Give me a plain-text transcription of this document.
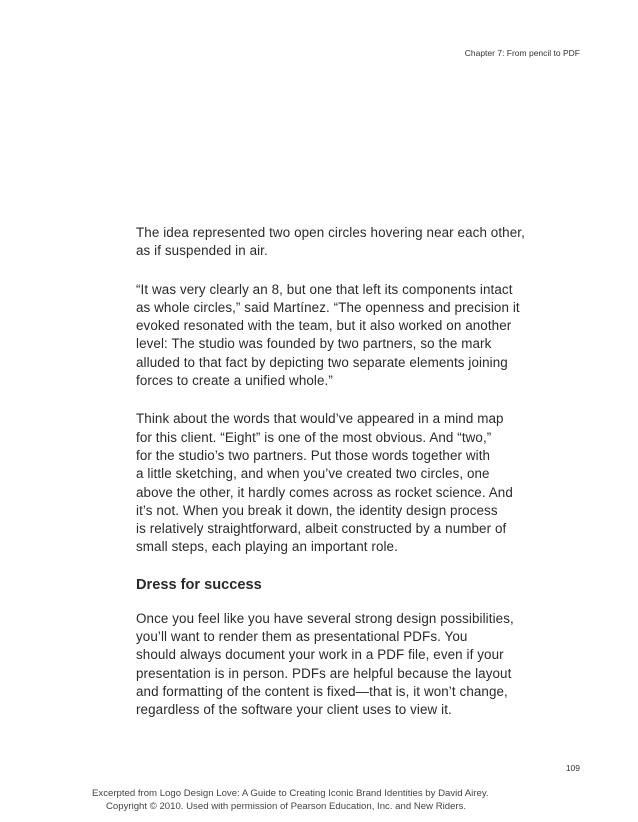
Chapter 7: From pencil to PDF

The idea represented two open circles hovering near each other,
as if suspended in air.

“It was very clearly an 8, but one that left its components intact
as whole circles,” said Martínez. “The openness and precision it
evoked resonated with the team, but it also worked on another
level: The studio was founded by two partners, so the mark
alluded to that fact by depicting two separate elements joining
forces to create a unified whole.”

Think about the words that would’ve appeared in a mind map
for this client. “Eight” is one of the most obvious. And “two,”
for the studio’s two partners. Put those words together with
a little sketching, and when you’ve created two circles, one
above the other, it hardly comes across as rocket science. And
it’s not. When you break it down, the identity design process
is relatively straightforward, albeit constructed by a number of
small steps, each playing an important role.

Dress for success

Once you feel like you have several strong design possibilities,
you’ll want to render them as presentational PDFs. You
should always document your work in a PDF file, even if your
presentation is in person. PDFs are helpful because the layout
and formatting of the content is fixed—that is, it won’t change,
regardless of the software your client uses to view it.

109
Excerpted from Logo Design Love: A Guide to Creating Iconic Brand Identities by David Airey.
Copyright © 2010. Used with permission of Pearson Education, Inc. and New Riders.
